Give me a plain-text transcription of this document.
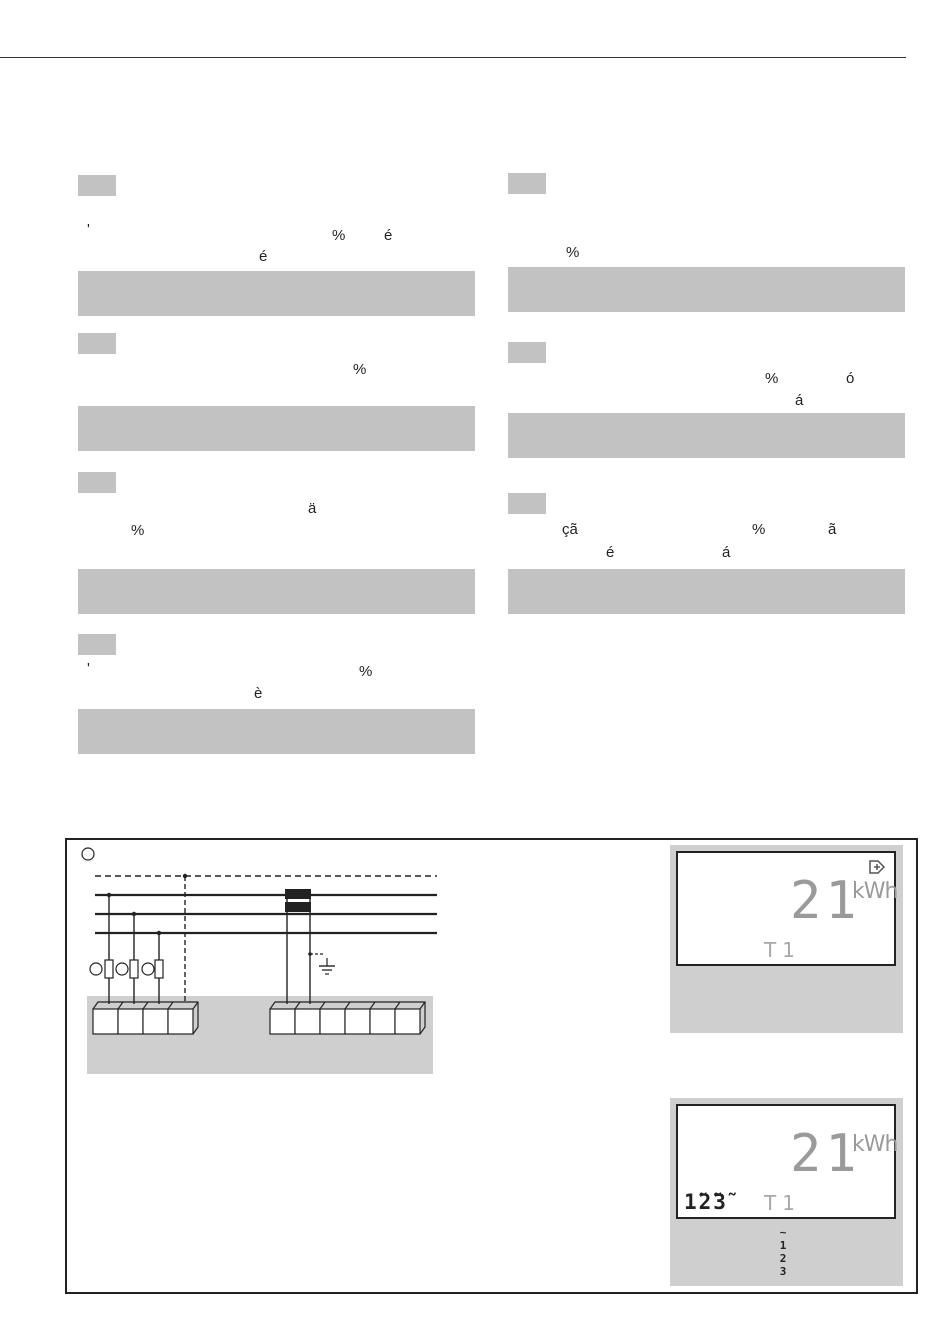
'	%	é
é
%
ä
%
'	%
è
%
%	ó
á
çã	%	ã
é	á
21
kWh
T1
21
kWh
1̃2̃3̃ T1
~
1
2
3
